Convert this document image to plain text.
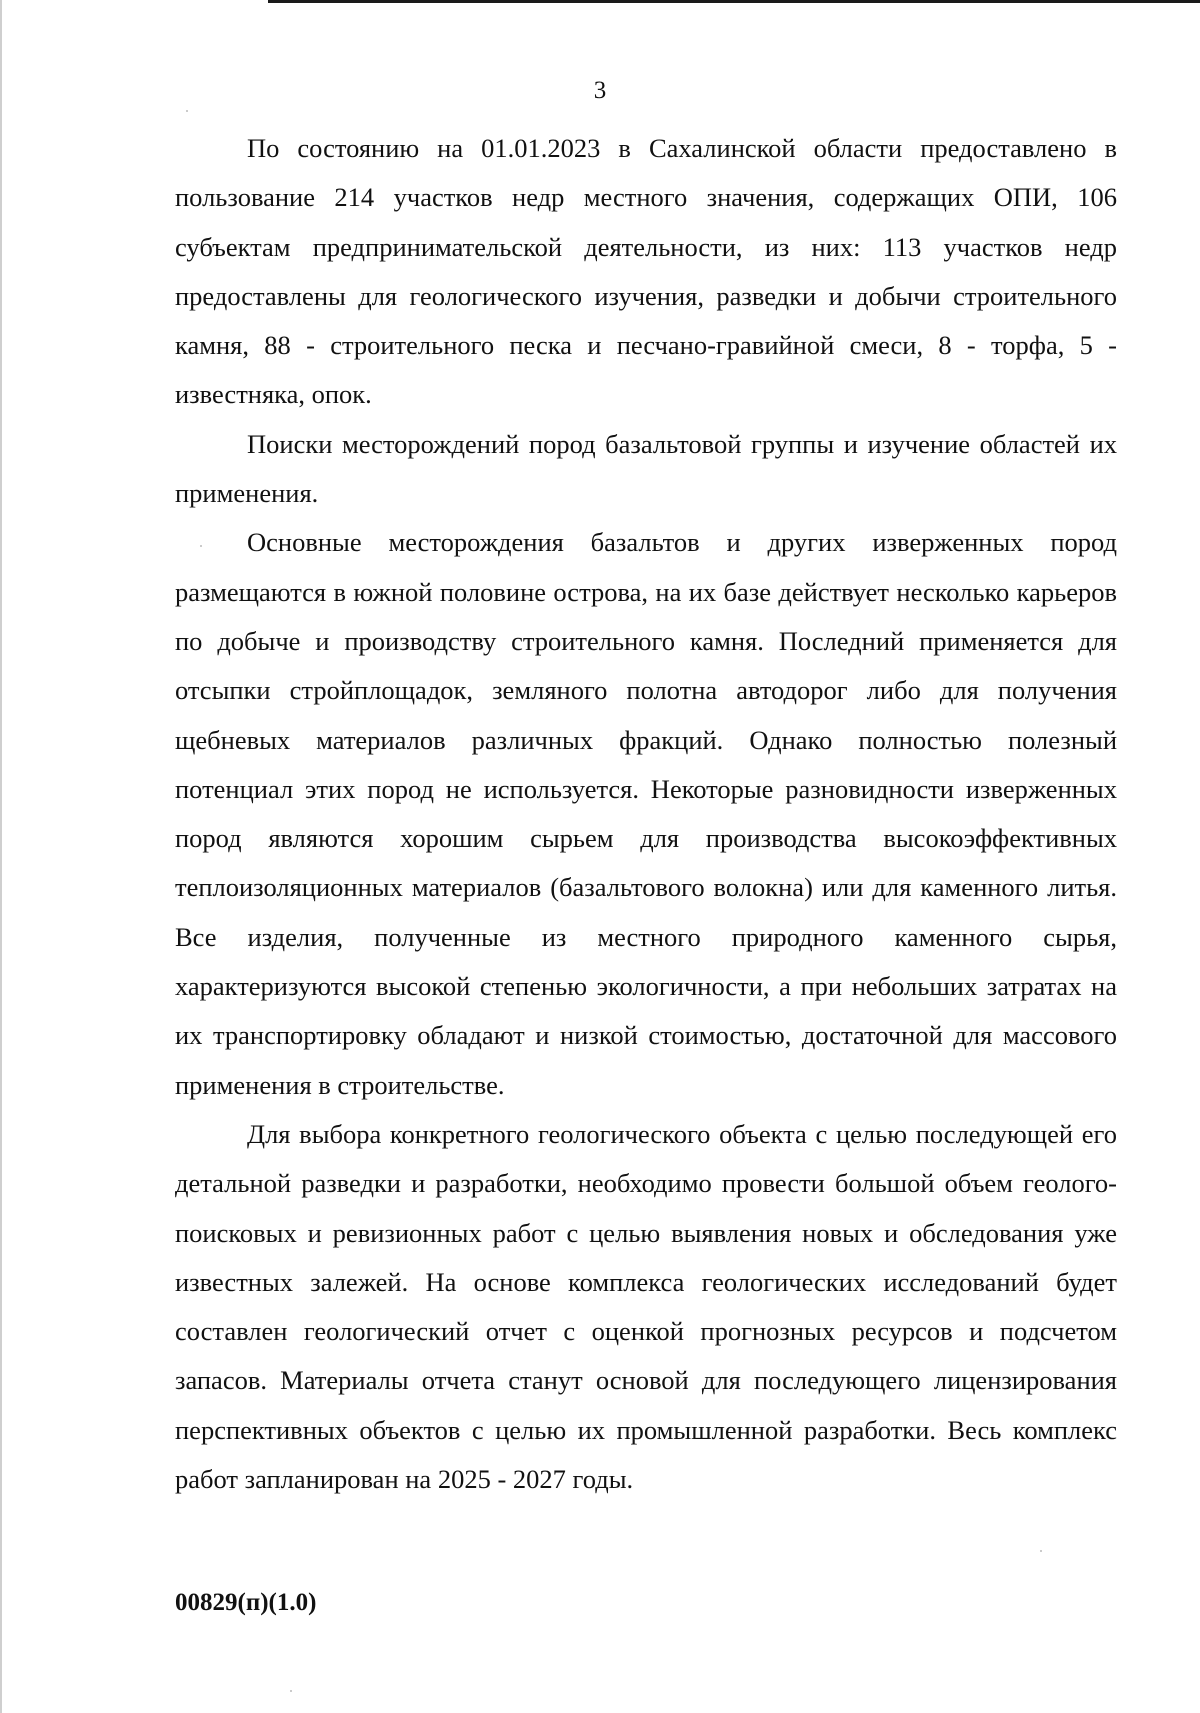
3

По состоянию на 01.01.2023 в Сахалинской области предоставлено в пользование 214 участков недр местного значения, содержащих ОПИ, 106 субъектам предпринимательской деятельности, из них: 113 участков недр предоставлены для геологического изучения, разведки и добычи строительного камня, 88 - строительного песка и песчано-гравийной смеси, 8 - торфа, 5 - известняка, опок.

Поиски месторождений пород базальтовой группы и изучение областей их применения.

Основные месторождения базальтов и других изверженных пород размещаются в южной половине острова, на их базе действует несколько карьеров по добыче и производству строительного камня. Последний применяется для отсыпки стройплощадок, земляного полотна автодорог либо для получения щебневых материалов различных фракций. Однако полностью полезный потенциал этих пород не используется. Некоторые разновидности изверженных пород являются хорошим сырьем для производства высокоэффективных теплоизоляционных материалов (базальтового волокна) или для каменного литья. Все изделия, полученные из местного природного каменного сырья, характеризуются высокой степенью экологичности, а при небольших затратах на их транспортировку обладают и низкой стоимостью, достаточной для массового применения в строительстве.

Для выбора конкретного геологического объекта с целью последующей его детальной разведки и разработки, необходимо провести большой объем геолого-поисковых и ревизионных работ с целью выявления новых и обследования уже известных залежей. На основе комплекса геологических исследований будет составлен геологический отчет с оценкой прогнозных ресурсов и подсчетом запасов. Материалы отчета станут основой для последующего лицензирования перспективных объектов с целью их промышленной разработки. Весь комплекс работ запланирован на 2025 - 2027 годы.

00829(п)(1.0)
